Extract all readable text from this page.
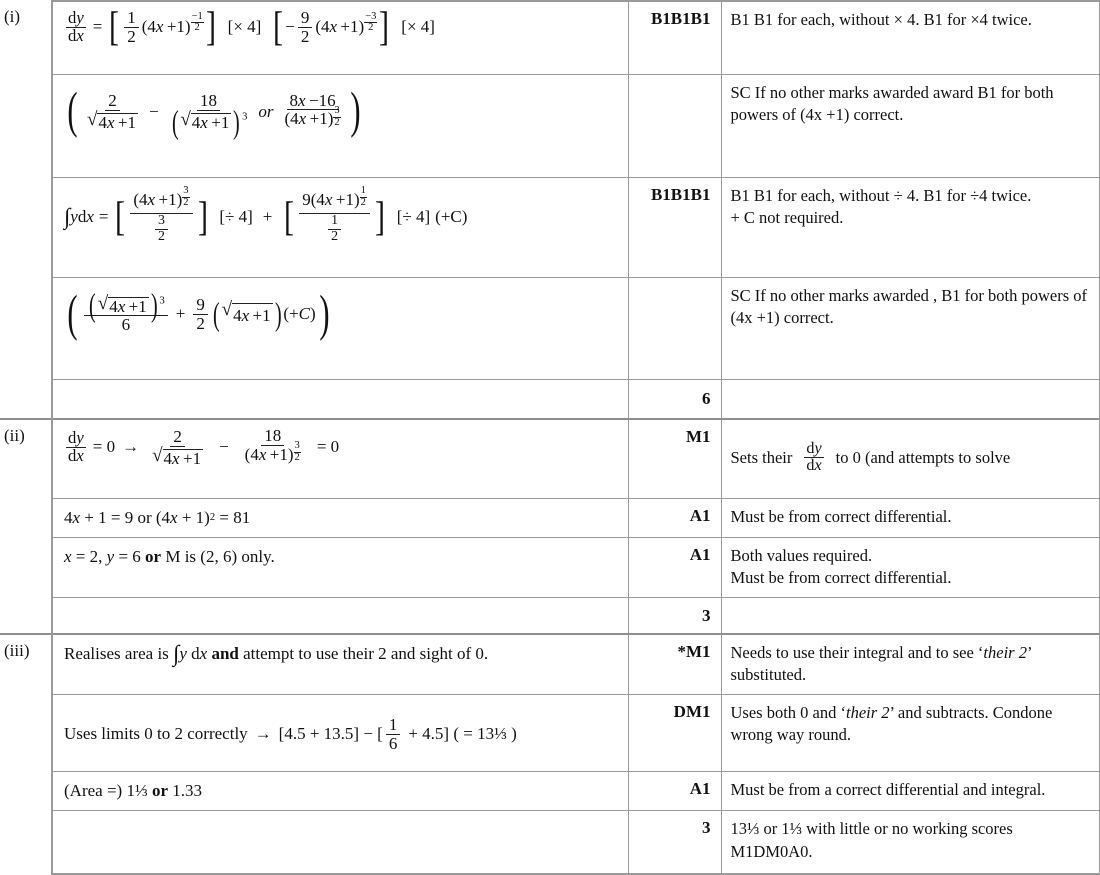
(i)	$\frac{dy}{dx}$ = [ $\frac{1}{2} (4x +1)$
−1
2 ] [× 4] [ − $\frac{9}{2} (4x +1)$
−3
2 ] [× 4]	B1B1B1	B1 B1 for each, without × 4. B1 for ×4 twice.

( $\frac{2}{√ 4x +1} - \frac{18}{( √ 4x +1 ) ^3}$ or $\frac{8x -16}{(4x +1) \frac{3}{2}}$ )		SC If no other marks awarded award B1 for both powers of (4x +1) correct.

∫ y d x = [ $\frac{(4x +1) \frac{3}{2}}{\frac{3}{2}}$ ] [÷ 4] + [ $\frac{9(4x +1) \frac{1}{2}}{\frac{1}{2}}$ ] [÷ 4] (+C)
	B1B1B1	B1 B1 for each, without ÷ 4. B1 for ÷4 twice.
+ C not required.

( $\frac{( √ 4x +1 ) ^3}{6} + \frac{9}{2}$ ( √ 4x +1 ) (+C) )		SC If no other marks awarded , B1 for both powers of (4x +1) correct.
		6	
(ii)	$\frac{dy}{dx} = 0 \to \frac{2}{√ 4x +1} - \frac{18}{(4x +1) \frac{3}{2}} = 0$
	M1	
Sets their $\frac{dy}{dx}$ to 0 (and attempts to solve

4 x
+ 1 = 9 or (4 x
+ 1) 2
= 81	A1	Must be from correct differential.

x
= 2,
y
= 6
or
M is (2, 6) only.	A1	Both values required.
Must be from correct differential.

		3	
(iii)	Realises area is
∫ y
d x
and
attempt to use their 2 and sight of 0.	*M1	Needs to use their integral and to see ‘their 2’
substituted.

Uses limits 0 to 2 correctly → [4.5 + 13.5] − [ $\frac{1}{6} + 4.5$] ( = 13⅓ )
	DM1	Uses both 0 and ‘their 2’ and subtracts. Condone
wrong way round.

	(Area =) 1⅓
or
1.33	A1	Must be from a correct differential and integral.
		3	13⅓ or 1⅓ with little or no working scores
M1DM0A0.
